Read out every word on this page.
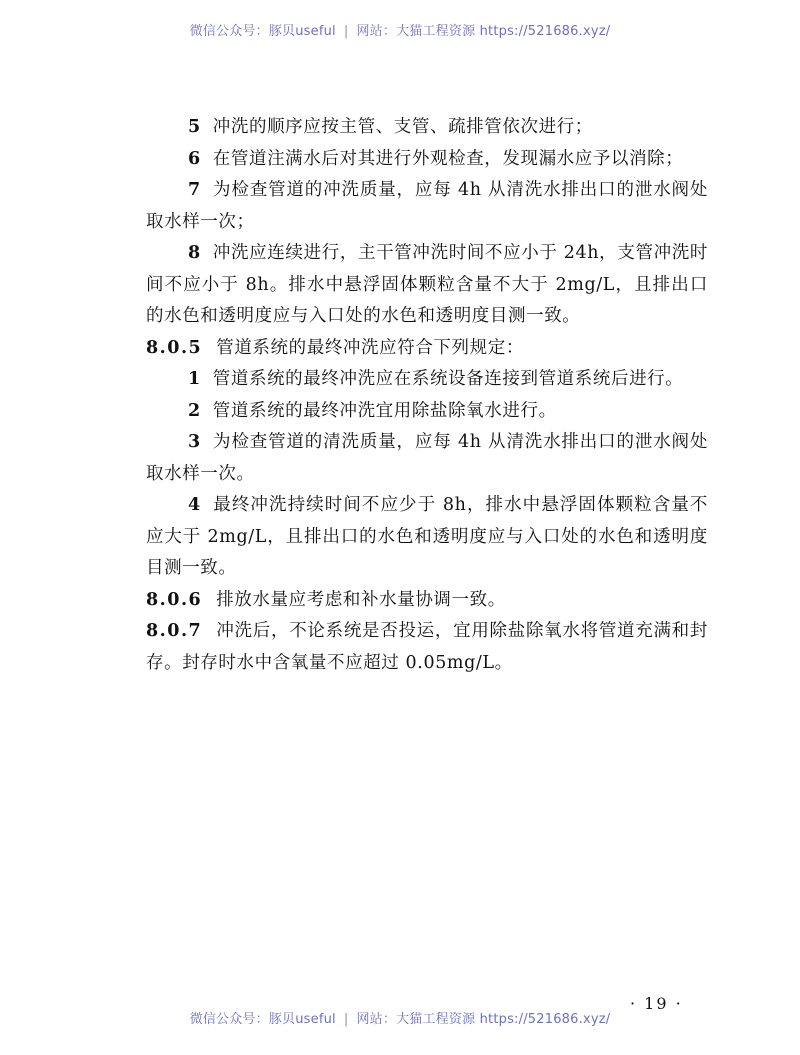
微信公众号：豚贝useful | 网站：大猫工程资源 https://521686.xyz/

5 冲洗的顺序应按主管、支管、疏排管依次进行；

6 在管道注满水后对其进行外观检查，发现漏水应予以消除；

7 为检查管道的冲洗质量，应每 4h 从清洗水排出口的泄水阀处取水样一次；

8 冲洗应连续进行，主干管冲洗时间不应小于 24h，支管冲洗时间不应小于 8h。排水中悬浮固体颗粒含量不大于 2mg/L，且排出口的水色和透明度应与入口处的水色和透明度目测一致。

8.0.5 管道系统的最终冲洗应符合下列规定：

1 管道系统的最终冲洗应在系统设备连接到管道系统后进行。

2 管道系统的最终冲洗宜用除盐除氧水进行。

3 为检查管道的清洗质量，应每 4h 从清洗水排出口的泄水阀处取水样一次。

4 最终冲洗持续时间不应少于 8h，排水中悬浮固体颗粒含量不应大于 2mg/L，且排出口的水色和透明度应与入口处的水色和透明度目测一致。

8.0.6 排放水量应考虑和补水量协调一致。

8.0.7 冲洗后，不论系统是否投运，宜用除盐除氧水将管道充满和封存。封存时水中含氧量不应超过 0.05mg/L。

· 19 ·
微信公众号：豚贝useful | 网站：大猫工程资源 https://521686.xyz/
